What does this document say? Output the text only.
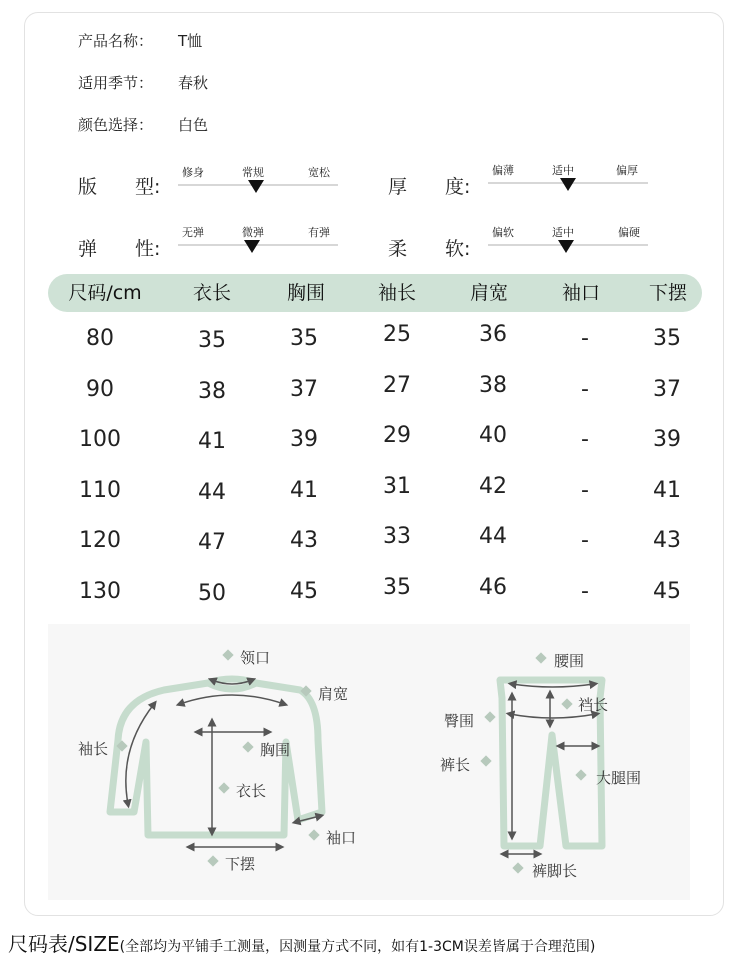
产品名称： T恤
适用季节： 春秋
颜色选择： 白色
版　　型:
修身	常规	宽松
厚　　度:
偏薄	适中	偏厚
弹　　性:
无弹	微弹	有弹
柔　　软:
偏软	适中	偏硬
尺码/cm	衣长	胸围	袖长	肩宽	袖口	下摆
80	35	35	25	36	-	35
90	38	37	27	38	-	37
100	41	39	29	40	-	39
110	44	41	31	42	-	41
120	47	43	33	44	-	43
130	50	45	35	46	-	45
领口
肩宽
袖长	胸围
衣长
袖口
下摆
腰围
臀围
裆长
裤长
大腿围
裤脚长
尺码表/SIZE(全部均为平铺手工测量，因测量方式不同，如有1-3CM误差皆属于合理范围)
